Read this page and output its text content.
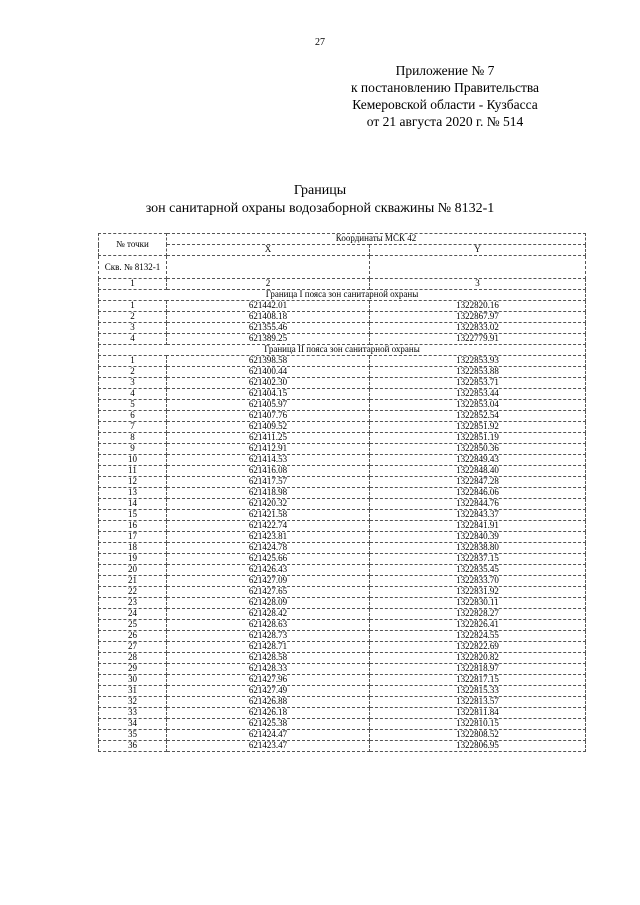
27
Приложение № 7
к постановлению Правительства
Кемеровской области - Кузбасса
от 21 августа 2020 г. № 514
Границы
зон санитарной охраны водозаборной скважины № 8132-1
№ точки	Координаты МСК 42	
	X	Y
Скв. № 8132-1		
1	2	3
Граница I пояса зон санитарной охраны		
1	621442.01	1322820.16
2	621408.18	1322867.97
3	621355.46	1322833.02
4	621389.25	1322779.91
Граница II пояса зон санитарной охраны		
1	621398.58	1322853.93
2	621400.44	1322853.88
3	621402.30	1322853.71
4	621404.15	1322853.44
5	621405.97	1322853.04
6	621407.76	1322852.54
7	621409.52	1322851.92
8	621411.25	1322851.19
9	621412.91	1322850.36
10	621414.53	1322849.43
11	621416.08	1322848.40
12	621417.57	1322847.28
13	621418.98	1322846.06
14	621420.32	1322844.76
15	621421.58	1322843.37
16	621422.74	1322841.91
17	621423.81	1322840.39
18	621424.78	1322838.80
19	621425.66	1322837.15
20	621426.43	1322835.45
21	621427.09	1322833.70
22	621427.65	1322831.92
23	621428.09	1322830.11
24	621428.42	1322828.27
25	621428.63	1322826.41
26	621428.73	1322824.55
27	621428.71	1322822.69
28	621428.58	1322820.82
29	621428.33	1322818.97
30	621427.96	1322817.15
31	621427.49	1322815.33
32	621426.88	1322813.57
33	621426.18	1322811.84
34	621425.38	1322810.15
35	621424.47	1322808.52
36	621423.47	1322806.95
